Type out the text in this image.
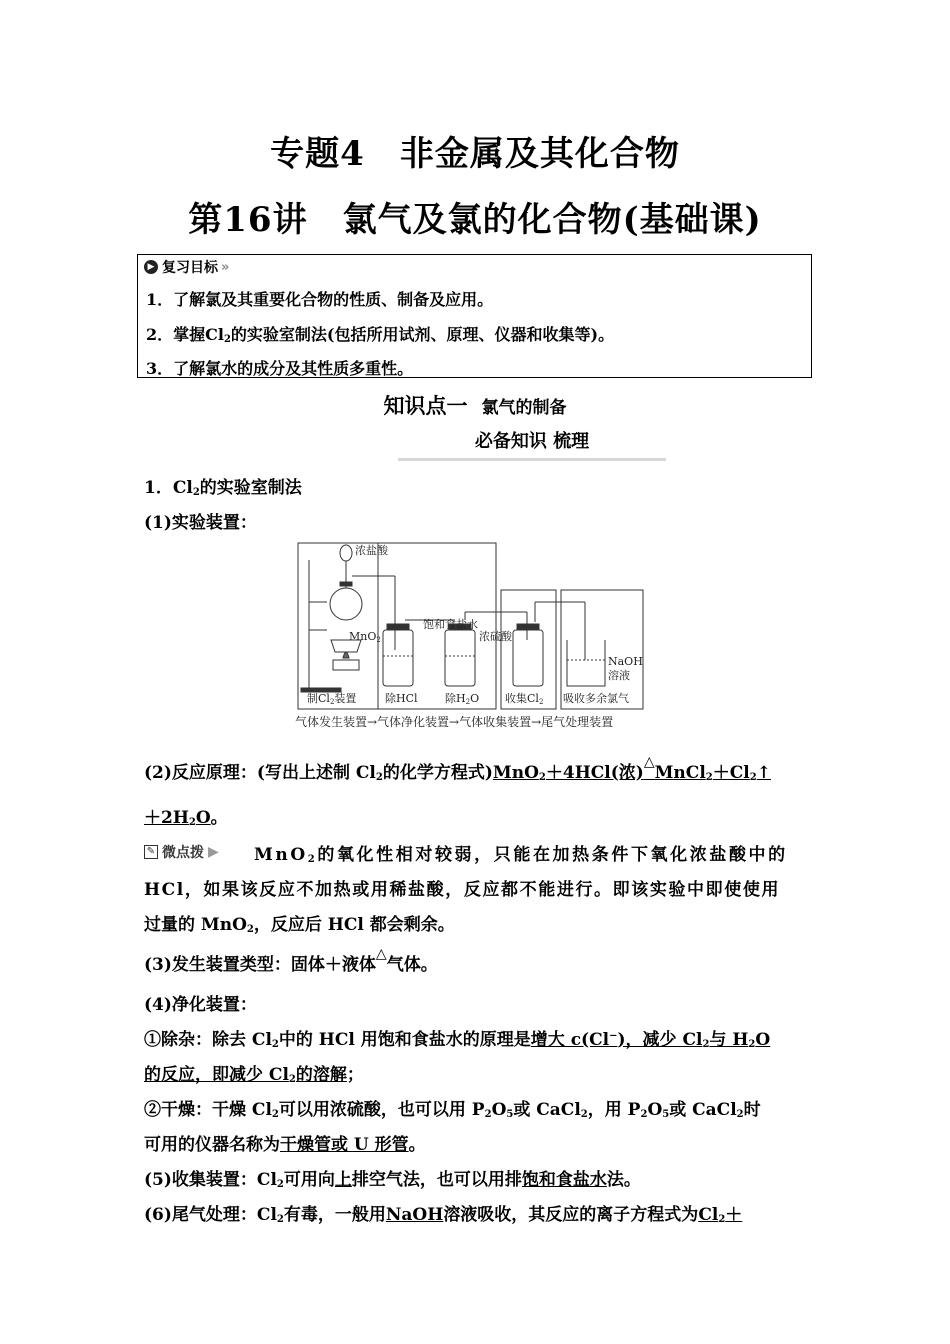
专题4　非金属及其化合物
第16讲　氯气及氯的化合物(基础课)
▶ 复习目标 »
1．了解氯及其重要化合物的性质、制备及应用。
2．掌握$Cl_2$的实验室制法(包括所用试剂、原理、仪器和收集等)。
3．了解氯水的成分及其性质多重性。
知识点一 氯气的制备
必备知识 梳理
1．$Cl_2$的实验室制法
(1)实验装置：
浓盐酸
饱和食盐水
浓硫酸
NaOH
溶液
MnO2
制Cl2装置	除HCl 除H2O 收集Cl2 吸收多余氯气
气体发生装置→气体净化装置→气体收集装置→尾气处理装置
(2)反应原理：(写出上述制 $Cl_2$的化学方程式)MnO$_2$＋4HCl(浓)$^\triangle MnCl_2+Cl_2↑$
$+2H_2O$。
✎ 微点拨 ▶ MnO$_2$的氧化性相对较弱，只能在加热条件下氧化浓盐酸中的
HCl，如果该反应不加热或用稀盐酸，反应都不能进行。即该实验中即使使用
过量的 MnO$_2$，反应后 HCl 都会剩余。
(3)发生装置类型：固体＋液体△气体。
(4)净化装置：
①除杂：除去 $Cl_2$中的 HCl 用饱和食盐水的原理是增大 c(Cl−)，减少 $Cl_2$与 $H_2O$
的反应，即减少 $Cl_2$的溶解；
②干燥：干燥 $Cl_2$可以用浓硫酸，也可以用 $P_2O_5$或 CaCl$_2$，用 $P_2O_5$或 CaCl$_2$时
可用的仪器名称为干燥管或 U 形管。
(5)收集装置：$Cl_2$可用向上排空气法，也可以用排饱和食盐水法。
(6)尾气处理：$Cl_2$有毒，一般用NaOH溶液吸收，其反应的离子方程式为$Cl_2+$
